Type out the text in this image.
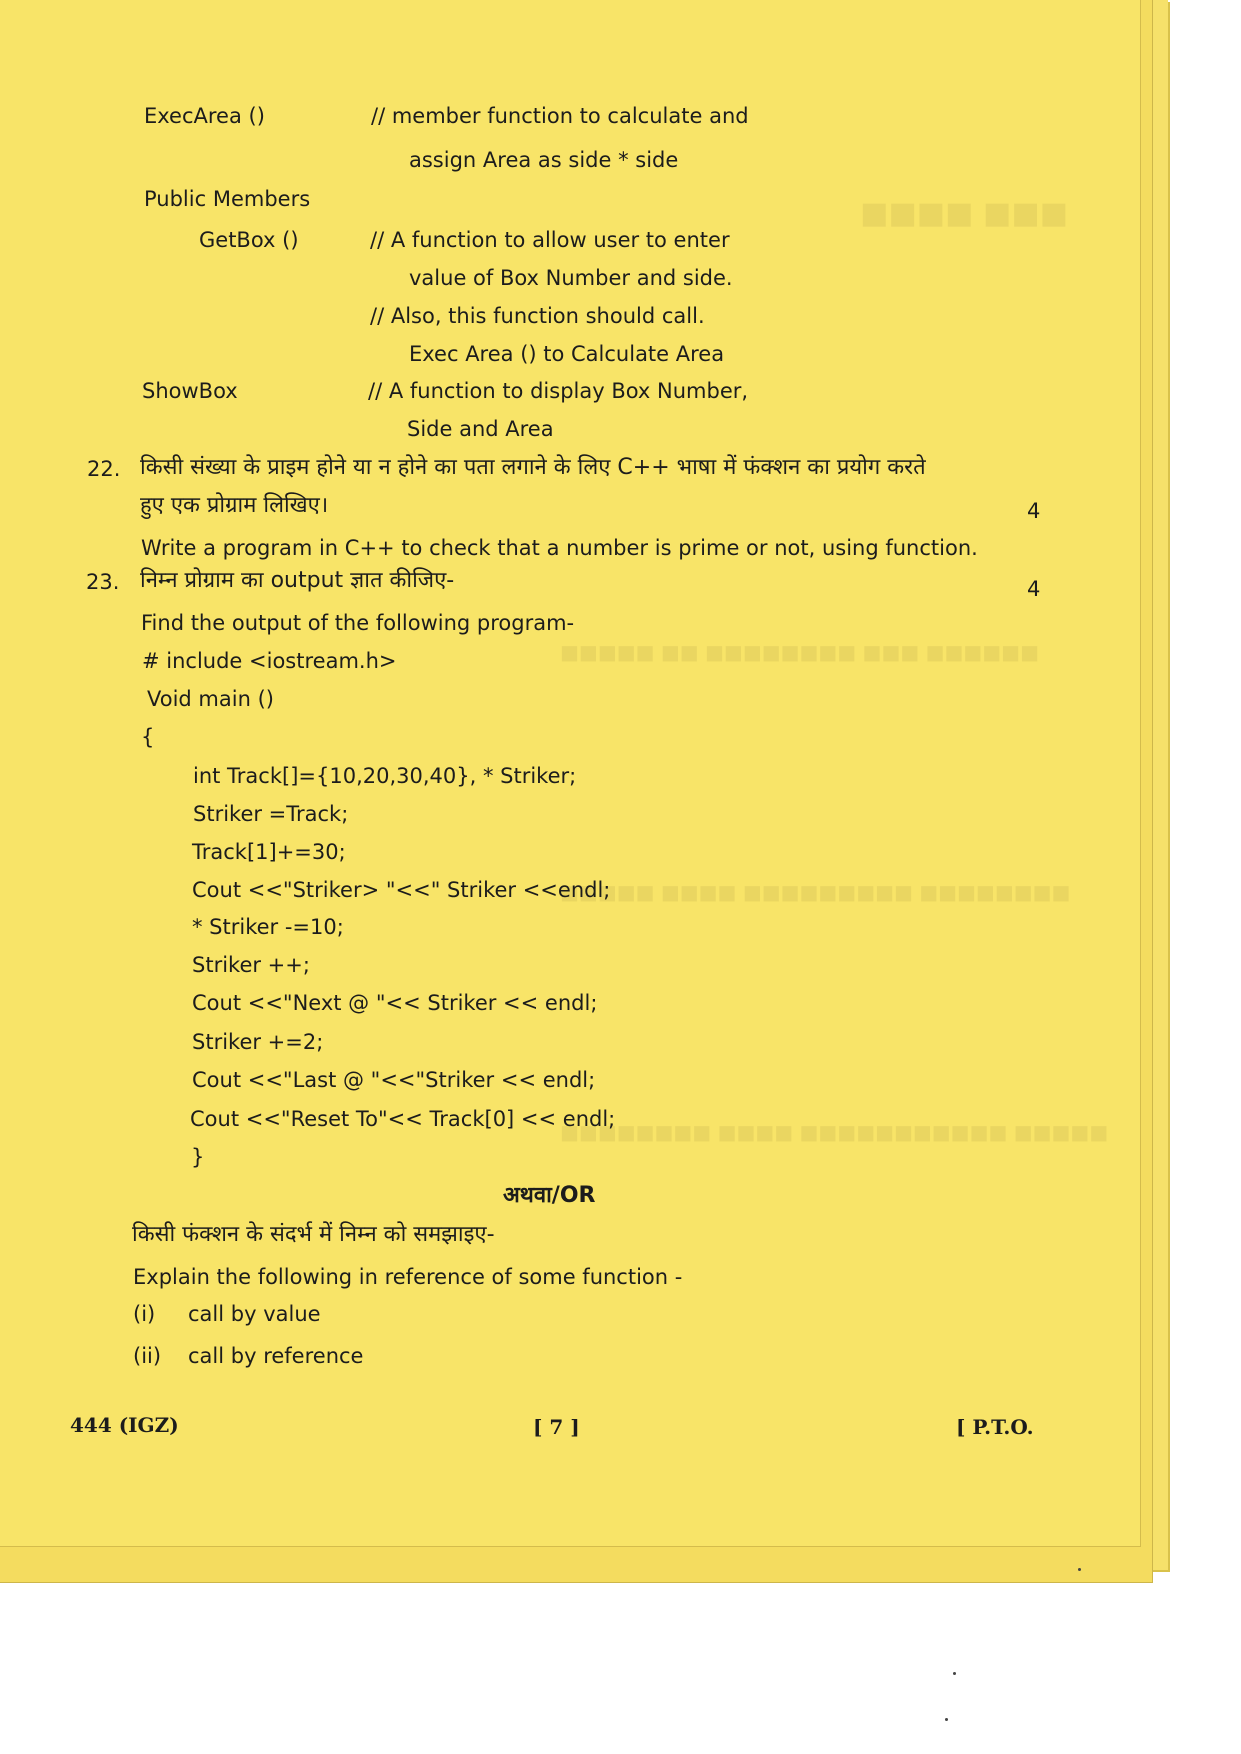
■■■ ■■■■
■■■■■■ ■■■ ■■■■■■■■ ■■ ■■■■■
■■■■■■■■ ■■■■■■■■■ ■■■■ ■■■■■
■■■■■ ■■■■■■■■■■■ ■■■■ ■■■■■■■■
ExecArea ()	// member function to calculate and
assign Area as side * side
Public Members
GetBox ()	// A function to allow user to enter
value of Box Number and side.
// Also, this function should call.
Exec Area () to Calculate Area
ShowBox	// A function to display Box Number,
Side and Area
22. किसी संख्या के प्राइम होने या न होने का पता लगाने के लिए C++ भाषा में फंक्शन का प्रयोग करते
हुए एक प्रोग्राम लिखिए।	4
Write a program in C++ to check that a number is prime or not, using function.
23. निम्न प्रोग्राम का output ज्ञात कीजिए-	4
Find the output of the following program-
# include <iostream.h>
Void main ()
{
int Track[]={10,20,30,40}, * Striker;
Striker =Track;
Track[1]+=30;
Cout <<"Striker> "<<" Striker <<endl;
* Striker -=10;
Striker ++;
Cout <<"Next @ "<< Striker << endl;
Striker +=2;
Cout <<"Last @ "<<"Striker << endl;
Cout <<"Reset To"<< Track[0] << endl;
}
अथवा/OR
किसी फंक्शन के संदर्भ में निम्न को समझाइए-
Explain the following in reference of some function -
(i) call by value
(ii) call by reference
444 (IGZ)	[ 7 ]	[ P.T.O.
